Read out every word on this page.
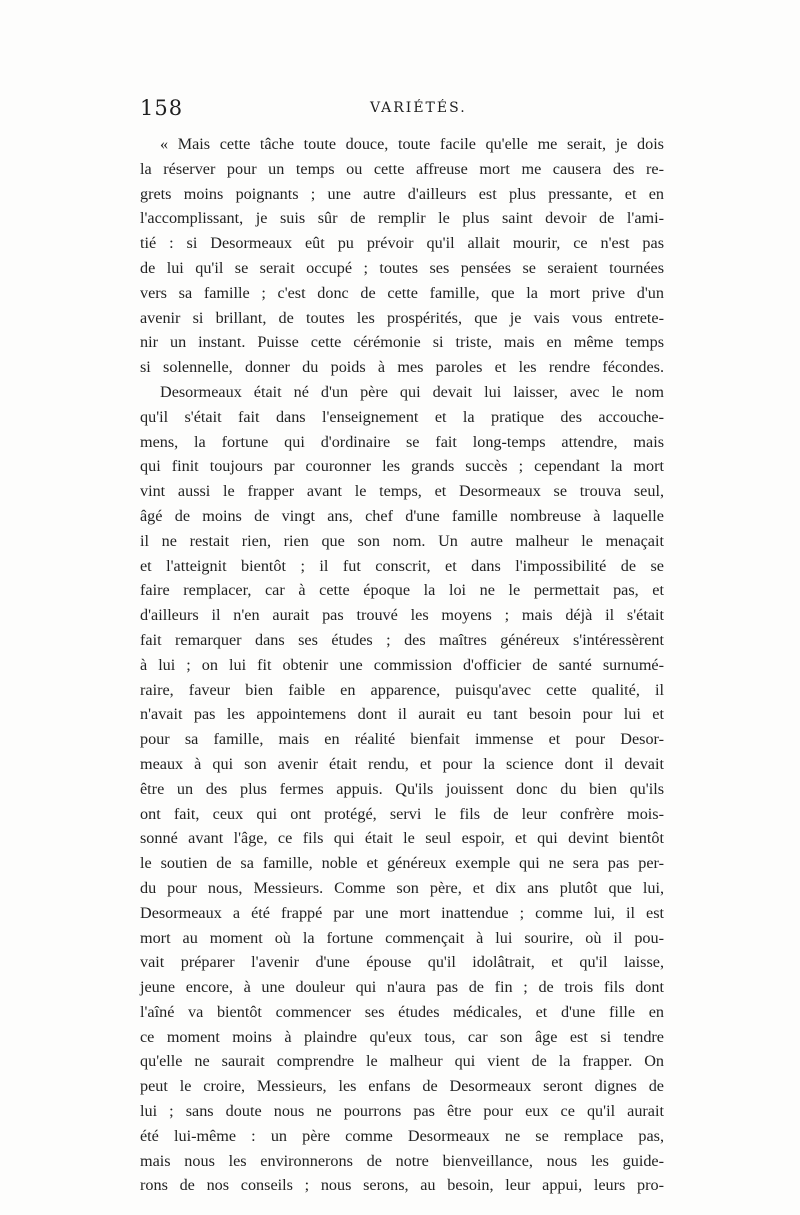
158	VARIÉTÉS.
« Mais cette tâche toute douce, toute facile qu'elle me serait, je dois
la réserver pour un temps ou cette affreuse mort me causera des re-
grets moins poignants ; une autre d'ailleurs est plus pressante, et en
l'accomplissant, je suis sûr de remplir le plus saint devoir de l'ami-
tié : si Desormeaux eût pu prévoir qu'il allait mourir, ce n'est pas
de lui qu'il se serait occupé ; toutes ses pensées se seraient tournées
vers sa famille ; c'est donc de cette famille, que la mort prive d'un
avenir si brillant, de toutes les prospérités, que je vais vous entrete-
nir un instant. Puisse cette cérémonie si triste, mais en même temps
si solennelle, donner du poids à mes paroles et les rendre fécondes.
Desormeaux était né d'un père qui devait lui laisser, avec le nom
qu'il s'était fait dans l'enseignement et la pratique des accouche-
mens, la fortune qui d'ordinaire se fait long-temps attendre, mais
qui finit toujours par couronner les grands succès ; cependant la mort
vint aussi le frapper avant le temps, et Desormeaux se trouva seul,
âgé de moins de vingt ans, chef d'une famille nombreuse à laquelle
il ne restait rien, rien que son nom. Un autre malheur le menaçait
et l'atteignit bientôt ; il fut conscrit, et dans l'impossibilité de se
faire remplacer, car à cette époque la loi ne le permettait pas, et
d'ailleurs il n'en aurait pas trouvé les moyens ; mais déjà il s'était
fait remarquer dans ses études ; des maîtres généreux s'intéressèrent
à lui ; on lui fit obtenir une commission d'officier de santé surnumé-
raire, faveur bien faible en apparence, puisqu'avec cette qualité, il
n'avait pas les appointemens dont il aurait eu tant besoin pour lui et
pour sa famille, mais en réalité bienfait immense et pour Desor-
meaux à qui son avenir était rendu, et pour la science dont il devait
être un des plus fermes appuis. Qu'ils jouissent donc du bien qu'ils
ont fait, ceux qui ont protégé, servi le fils de leur confrère mois-
sonné avant l'âge, ce fils qui était le seul espoir, et qui devint bientôt
le soutien de sa famille, noble et généreux exemple qui ne sera pas per-
du pour nous, Messieurs. Comme son père, et dix ans plutôt que lui,
Desormeaux a été frappé par une mort inattendue ; comme lui, il est
mort au moment où la fortune commençait à lui sourire, où il pou-
vait préparer l'avenir d'une épouse qu'il idolâtrait, et qu'il laisse,
jeune encore, à une douleur qui n'aura pas de fin ; de trois fils dont
l'aîné va bientôt commencer ses études médicales, et d'une fille en
ce moment moins à plaindre qu'eux tous, car son âge est si tendre
qu'elle ne saurait comprendre le malheur qui vient de la frapper. On
peut le croire, Messieurs, les enfans de Desormeaux seront dignes de
lui ; sans doute nous ne pourrons pas être pour eux ce qu'il aurait
été lui-même : un père comme Desormeaux ne se remplace pas,
mais nous les environnerons de notre bienveillance, nous les guide-
rons de nos conseils ; nous serons, au besoin, leur appui, leurs pro-
